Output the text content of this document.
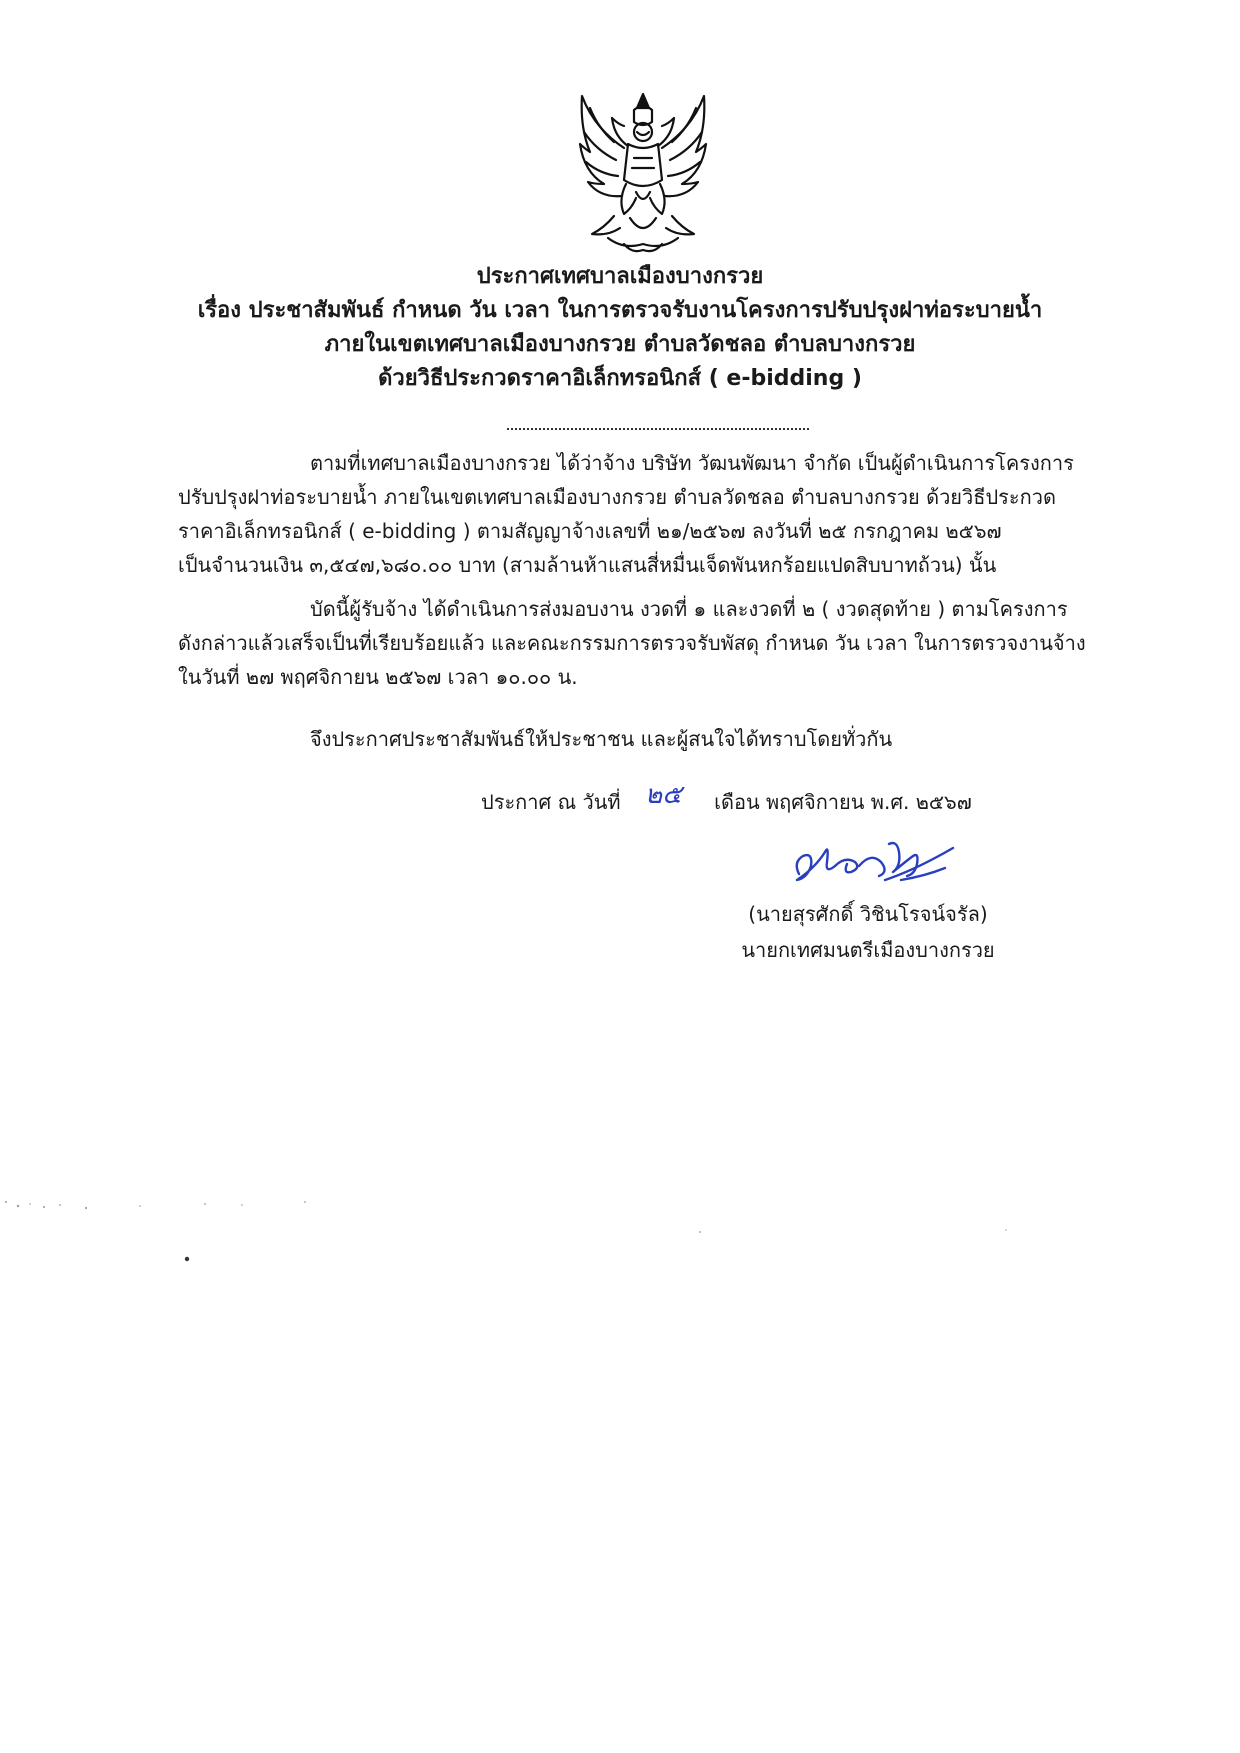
ประกาศเทศบาลเมืองบางกรวย
เรื่อง ประชาสัมพันธ์ กำหนด วัน เวลา ในการตรวจรับงานโครงการปรับปรุงฝาท่อระบายน้ำ
ภายในเขตเทศบาลเมืองบางกรวย ตำบลวัดชลอ ตำบลบางกรวย
ด้วยวิธีประกวดราคาอิเล็กทรอนิกส์ ( e-bidding )
ตามที่เทศบาลเมืองบางกรวย ได้ว่าจ้าง บริษัท วัฒนพัฒนา จำกัด เป็นผู้ดำเนินการโครงการ
ปรับปรุงฝาท่อระบายน้ำ ภายในเขตเทศบาลเมืองบางกรวย ตำบลวัดชลอ ตำบลบางกรวย ด้วยวิธีประกวด
ราคาอิเล็กทรอนิกส์ ( e-bidding ) ตามสัญญาจ้างเลขที่ ๒๑/๒๕๖๗ ลงวันที่ ๒๕ กรกฎาคม ๒๕๖๗
เป็นจำนวนเงิน ๓,๕๔๗,๖๘๐.๐๐ บาท (สามล้านห้าแสนสี่หมื่นเจ็ดพันหกร้อยแปดสิบบาทถ้วน) นั้น
บัดนี้ผู้รับจ้าง ได้ดำเนินการส่งมอบงาน งวดที่ ๑ และงวดที่ ๒ ( งวดสุดท้าย ) ตามโครงการ
ดังกล่าวแล้วเสร็จเป็นที่เรียบร้อยแล้ว และคณะกรรมการตรวจรับพัสดุ กำหนด วัน เวลา ในการตรวจงานจ้าง
ในวันที่ ๒๗ พฤศจิกายน ๒๕๖๗ เวลา ๑๐.๐๐ น.
จึงประกาศประชาสัมพันธ์ให้ประชาชน และผู้สนใจได้ทราบโดยทั่วกัน
ประกาศ ณ วันที่ ๒๕ เดือน พฤศจิกายน พ.ศ. ๒๕๖๗
(นายสุรศักดิ์ วิชินโรจน์จรัล)
นายกเทศมนตรีเมืองบางกรวย
